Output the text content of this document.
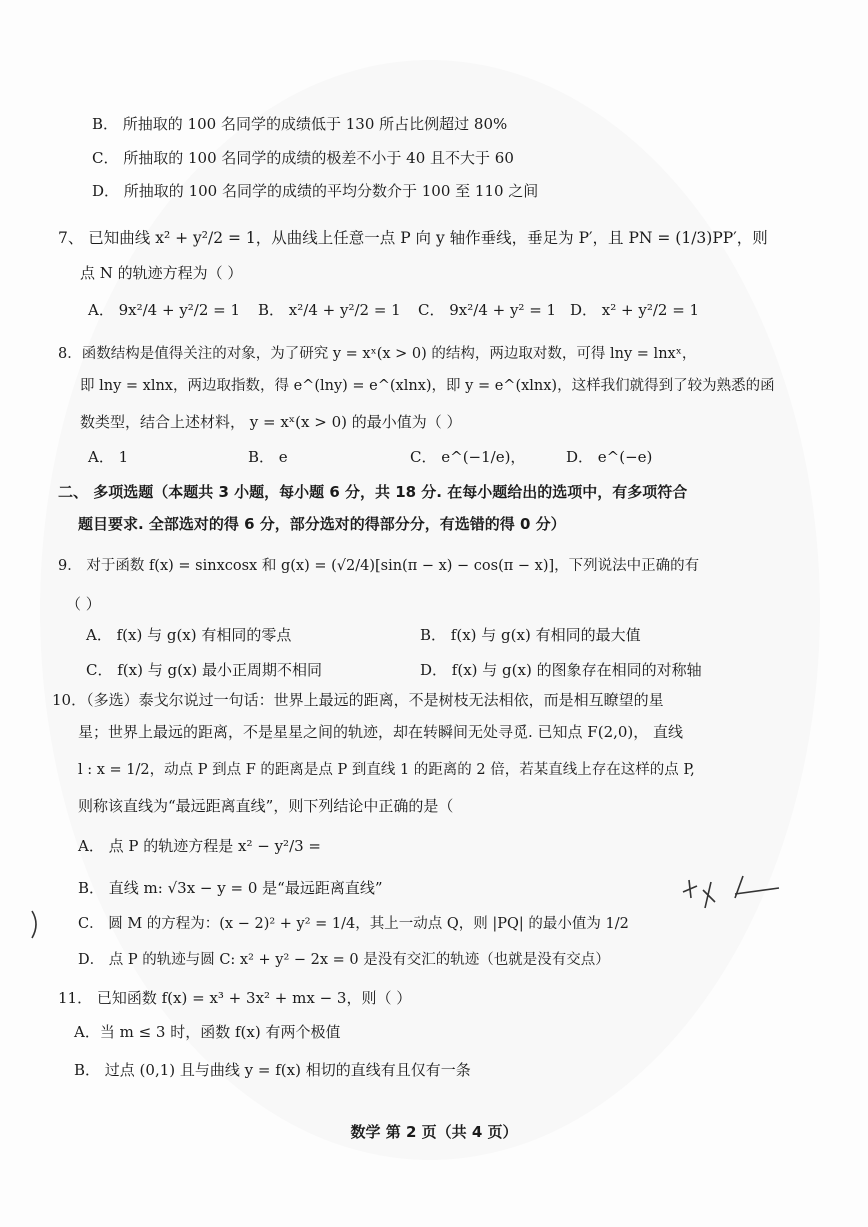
B． 所抽取的 100 名同学的成绩低于 130 所占比例超过 80%
C． 所抽取的 100 名同学的成绩的极差不小于 40 且不大于 60
D． 所抽取的 100 名同学的成绩的平均分数介于 100 至 110 之间
7、 已知曲线 x² + y²/2 = 1，从曲线上任意一点 P 向 y 轴作垂线，垂足为 P′，且 PN = (1/3)PP′，则
点 N 的轨迹方程为（ ）
A． 9x²/4 + y²/2 = 1 B． x²/4 + y²/2 = 1 C． 9x²/4 + y² = 1 D． x² + y²/2 = 1
8．函数结构是值得关注的对象，为了研究 y = xˣ(x > 0) 的结构，两边取对数，可得 lny = lnxˣ，
即 lny = xlnx，两边取指数，得 e^(lny) = e^(xlnx)，即 y = e^(xlnx)，这样我们就得到了较为熟悉的函
数类型，结合上述材料， y = xˣ(x > 0) 的最小值为（ ）
A． 1	B． e	C． e^(−1/e)，	D． e^(−e)
二、 多项选题（本题共 3 小题，每小题 6 分，共 18 分. 在每小题给出的选项中，有多项符合
题目要求. 全部选对的得 6 分，部分选对的得部分分，有选错的得 0 分）
9． 对于函数 f(x) = sinxcosx 和 g(x) = (√2/4)[sin(π − x) − cos(π − x)]，下列说法中正确的有
（ ）
A． f(x) 与 g(x) 有相同的零点	B． f(x) 与 g(x) 有相同的最大值
C． f(x) 与 g(x) 最小正周期不相同	D． f(x) 与 g(x) 的图象存在相同的对称轴
10．（多选）泰戈尔说过一句话：世界上最远的距离，不是树枝无法相依，而是相互瞭望的星
星；世界上最远的距离，不是星星之间的轨迹，却在转瞬间无处寻觅. 已知点 F(2,0)， 直线
l : x = 1/2，动点 P 到点 F 的距离是点 P 到直线 1 的距离的 2 倍，若某直线上存在这样的点 P,
则称该直线为“最远距离直线”，则下列结论中正确的是（
A． 点 P 的轨迹方程是 x² − y²/3 =
B． 直线 m: √3x − y = 0 是“最远距离直线”
C． 圆 M 的方程为：(x − 2)² + y² = 1/4，其上一动点 Q，则 |PQ| 的最小值为 1/2
D． 点 P 的轨迹与圆 C: x² + y² − 2x = 0 是没有交汇的轨迹（也就是没有交点）
11． 已知函数 f(x) = x³ + 3x² + mx − 3，则（ ）
A．当 m ≤ 3 时，函数 f(x) 有两个极值
B． 过点 (0,1) 且与曲线 y = f(x) 相切的直线有且仅有一条
数学 第 2 页（共 4 页）
